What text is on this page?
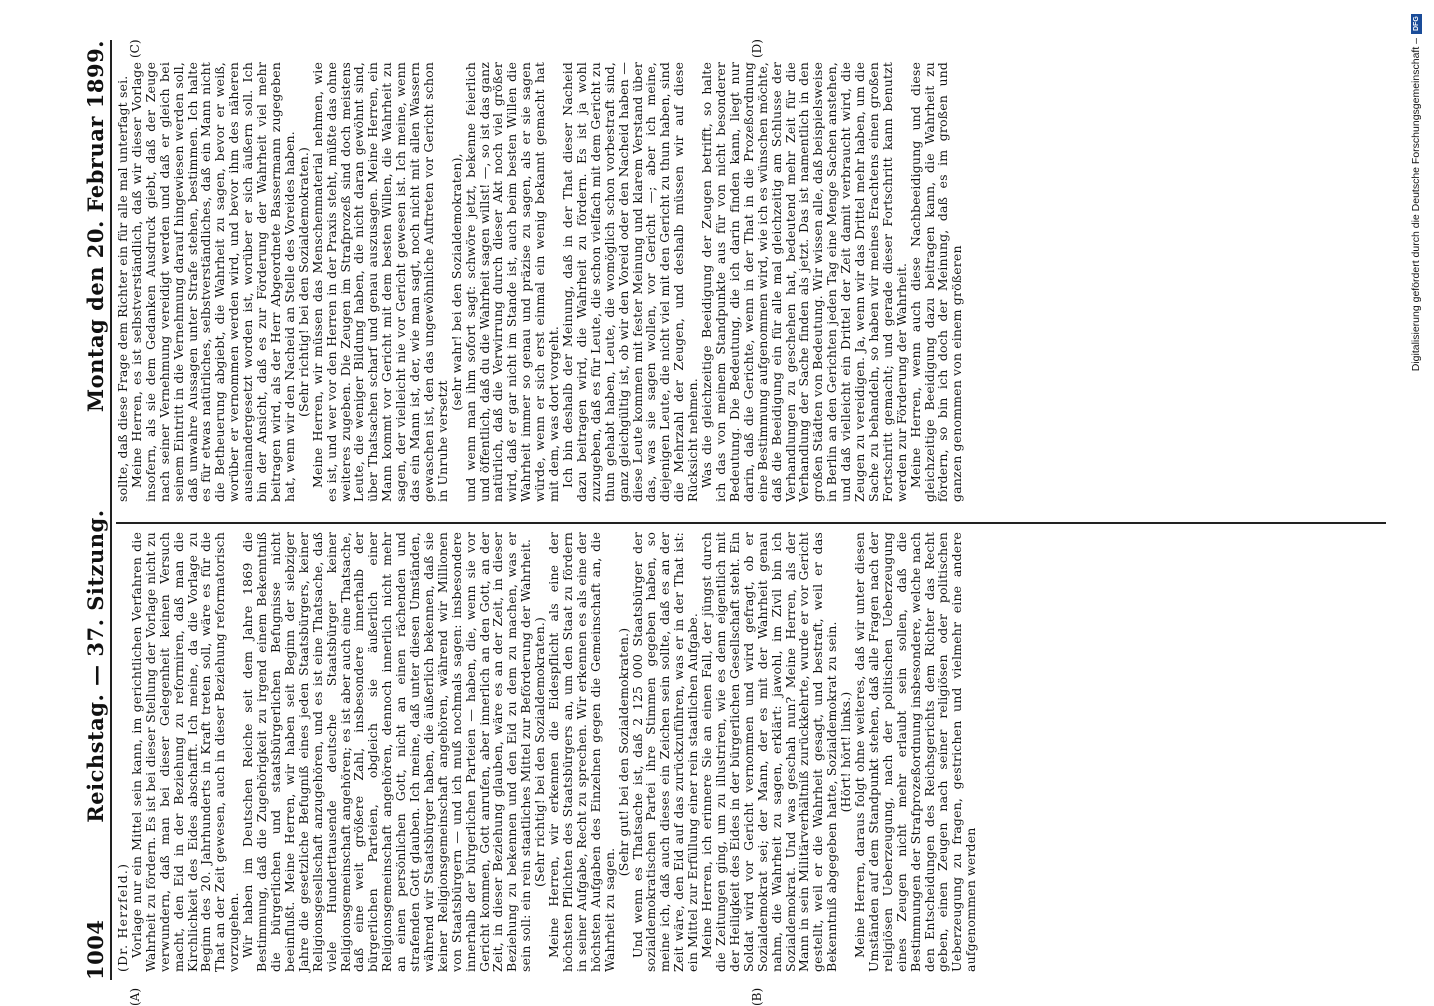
1004
Reichstag. — 37. Sitzung.
Montag den 20. Februar 1899.
(A)	(B)
(C)	(D)

(Dr. Herzfeld.)

Vorlage nur ein Mittel sein kann, im gerichtlichen Verfahren die Wahrheit zu fördern. Es ist bei dieser Stellung der Vorlage nicht zu verwundern, daß man bei dieser Gelegenheit keinen Versuch macht, den Eid in der Beziehung zu reformiren, daß man die Kirchlichkeit des Eides abschafft. Ich meine, da die Vorlage zu Beginn des 20. Jahrhunderts in Kraft treten soll, wäre es für die That an der Zeit gewesen, auch in dieser Beziehung reformatorisch vorzugehen.

Wir haben im Deutschen Reiche seit dem Jahre 1869 die Bestimmung, daß die Zugehörigkeit zu irgend einem Bekenntniß die bürgerlichen und staatsbürgerlichen Befugnisse nicht beeinflußt. Meine Herren, wir haben seit Beginn der siebziger Jahre die gesetzliche Befugniß eines jeden Staatsbürgers, keiner Religionsgesellschaft anzugehören, und es ist eine Thatsache, daß viele Hunderttausende deutsche Staatsbürger keiner Religionsgemeinschaft angehören; es ist aber auch eine Thatsache, daß eine weit größere Zahl, insbesondere innerhalb der bürgerlichen Parteien, obgleich sie äußerlich einer Religionsgemeinschaft angehören, dennoch innerlich nicht mehr an einen persönlichen Gott, nicht an einen rächenden und strafenden Gott glauben. Ich meine, daß unter diesen Umständen, während wir Staatsbürger haben, die äußerlich bekennen, daß sie keiner Religionsgemeinschaft angehören, während wir Millionen von Staatsbürgern — und ich muß nochmals sagen: insbesondere innerhalb der bürgerlichen Parteien — haben, die, wenn sie vor Gericht kommen, Gott anrufen, aber innerlich an den Gott, an der Zeit, in dieser Beziehung glauben, wäre es an der Zeit, in dieser Beziehung zu bekennen und den Eid zu dem zu machen, was er sein soll: ein rein staatliches Mittel zur Beförderung der Wahrheit.

(Sehr richtig! bei den Sozialdemokraten.)

Meine Herren, wir erkennen die Eidespflicht als eine der höchsten Pflichten des Staatsbürgers an, um den Staat zu fördern in seiner Aufgabe, Recht zu sprechen. Wir erkennen es als eine der höchsten Aufgaben des Einzelnen gegen die Gemeinschaft an, die Wahrheit zu sagen.

(Sehr gut! bei den Sozialdemokraten.)

Und wenn es Thatsache ist, daß 2 125 000 Staatsbürger der sozialdemokratischen Partei ihre Stimmen gegeben haben, so meine ich, daß auch dieses ein Zeichen sein sollte, daß es an der Zeit wäre, den Eid auf das zurückzuführen, was er in der That ist: ein Mittel zur Erfüllung einer rein staatlichen Aufgabe.

Meine Herren, ich erinnere Sie an einen Fall, der jüngst durch die Zeitungen ging, um zu illustriren, wie es denn eigentlich mit der Heiligkeit des Eides in der bürgerlichen Gesellschaft steht. Ein Soldat wird vor Gericht vernommen und wird gefragt, ob er Sozialdemokrat sei; der Mann, der es mit der Wahrheit genau nahm, die Wahrheit zu sagen, erklärt: jawohl, im Zivil bin ich Sozialdemokrat. Und was geschah nun? Meine Herren, als der Mann in sein Militärverhältniß zurückkehrte, wurde er vor Gericht gestellt, weil er die Wahrheit gesagt, und bestraft, weil er das Bekenntniß abgegeben hatte, Sozialdemokrat zu sein.

(Hört! hört! links.)

Meine Herren, daraus folgt ohne weiteres, daß wir unter diesen Umständen auf dem Standpunkt stehen, daß alle Fragen nach der religiösen Ueberzeugung, nach der politischen Ueberzeugung eines Zeugen nicht mehr erlaubt sein sollen, daß die Bestimmungen der Strafprozeßordnung insbesondere, welche nach den Entscheidungen des Reichsgerichts dem Richter das Recht geben, einen Zeugen nach seiner religiösen oder politischen Ueberzeugung zu fragen, gestrichen und vielmehr eine andere aufgenommen werden

sollte, daß diese Frage dem Richter ein für alle mal unterfagt sei.

Meine Herren, es ist selbstverständlich, daß wir dieser Vorlage insofern, als sie dem Gedanken Ausdruck giebt, daß der Zeuge nach seiner Vernehmung vereidigt werden und daß er gleich bei seinem Eintritt in die Vernehmung darauf hingewiesen werden soll, daß unwahre Aussagen unter Strafe stehen, bestimmen. Ich halte es für etwas natürliches, selbstverständliches, daß ein Mann nicht die Betheuerung abgiebt, die Wahrheit zu sagen, bevor er weiß, worüber er vernommen werden wird, und bevor ihm des näheren auseinandergesetzt worden ist, worüber er sich äußern soll. Ich bin der Ansicht, daß es zur Förderung der Wahrheit viel mehr beitragen wird, als der Herr Abgeordnete Bassermann zugegeben hat, wenn wir den Nacheid an Stelle des Voreides haben.

(Sehr richtig! bei den Sozialdemokraten.)

Meine Herren, wir müssen das Menschenmaterial nehmen, wie es ist, und wer vor den Herren in der Praxis steht, müßte das ohne weiteres zugeben. Die Zeugen im Strafprozeß sind doch meistens Leute, die weniger Bildung haben, die nicht daran gewöhnt sind, über Thatsachen scharf und genau auszusagen. Meine Herren, ein Mann kommt vor Gericht mit dem besten Willen, die Wahrheit zu sagen, der vielleicht nie vor Gericht gewesen ist. Ich meine, wenn das ein Mann ist, der, wie man sagt, noch nicht mit allen Wassern gewaschen ist, den das ungewöhnliche Auftreten vor Gericht schon in Unruhe versetzt

(sehr wahr! bei den Sozialdemokraten),

und wenn man ihm sofort sagt: schwöre jetzt, bekenne feierlich und öffentlich, daß du die Wahrheit sagen willst! —, so ist das ganz natürlich, daß die Verwirrung durch dieser Akt noch viel größer wird, daß er gar nicht im Stande ist, auch beim besten Willen die Wahrheit immer so genau und präzise zu sagen, als er sie sagen würde, wenn er sich erst einmal ein wenig bekannt gemacht hat mit dem, was dort vorgeht.

Ich bin deshalb der Meinung, daß in der That dieser Nacheid dazu beitragen wird, die Wahrheit zu fördern. Es ist ja wohl zuzugeben, daß es für Leute, die schon vielfach mit dem Gericht zu thun gehabt haben, Leute, die womöglich schon vorbestraft sind, ganz gleichgültig ist, ob wir den Voreid oder den Nacheid haben — diese Leute kommen mit fester Meinung und klarem Verstand über das, was sie sagen wollen, vor Gericht —; aber ich meine, diejenigen Leute, die nicht viel mit den Gericht zu thun haben, sind die Mehrzahl der Zeugen, und deshalb müssen wir auf diese Rücksicht nehmen.

Was die gleichzeitige Beeidigung der Zeugen betrifft, so halte ich das von meinem Standpunkte aus für von nicht besonderer Bedeutung. Die Bedeutung, die ich darin finden kann, liegt nur darin, daß die Gerichte, wenn in der That in die Prozeßordnung eine Bestimmung aufgenommen wird, wie ich es wünschen möchte, daß die Beeidigung ein für alle mal gleichzeitig am Schlusse der Verhandlungen zu geschehen hat, bedeutend mehr Zeit für die Verhandlung der Sache finden als jetzt. Das ist namentlich in den großen Städten von Bedeutung. Wir wissen alle, daß beispielsweise in Berlin an den Gerichten jeden Tag eine Menge Sachen anstehen, und daß vielleicht ein Drittel der Zeit damit verbraucht wird, die Zeugen zu vereidigen. Ja, wenn wir das Drittel mehr haben, um die Sache zu behandeln, so haben wir meines Erachtens einen großen Fortschritt gemacht; und gerade dieser Fortschritt kann benutzt werden zur Förderung der Wahrheit.

Meine Herren, wenn auch diese Nachbeeidigung und diese gleichzeitige Beeidigung dazu beitragen kann, die Wahrheit zu fördern, so bin ich doch der Meinung, daß es im großen und ganzen genommen von einem größeren

DFG
Digitalisierung gefördert durch die Deutsche Forschungsgemeinschaft –
